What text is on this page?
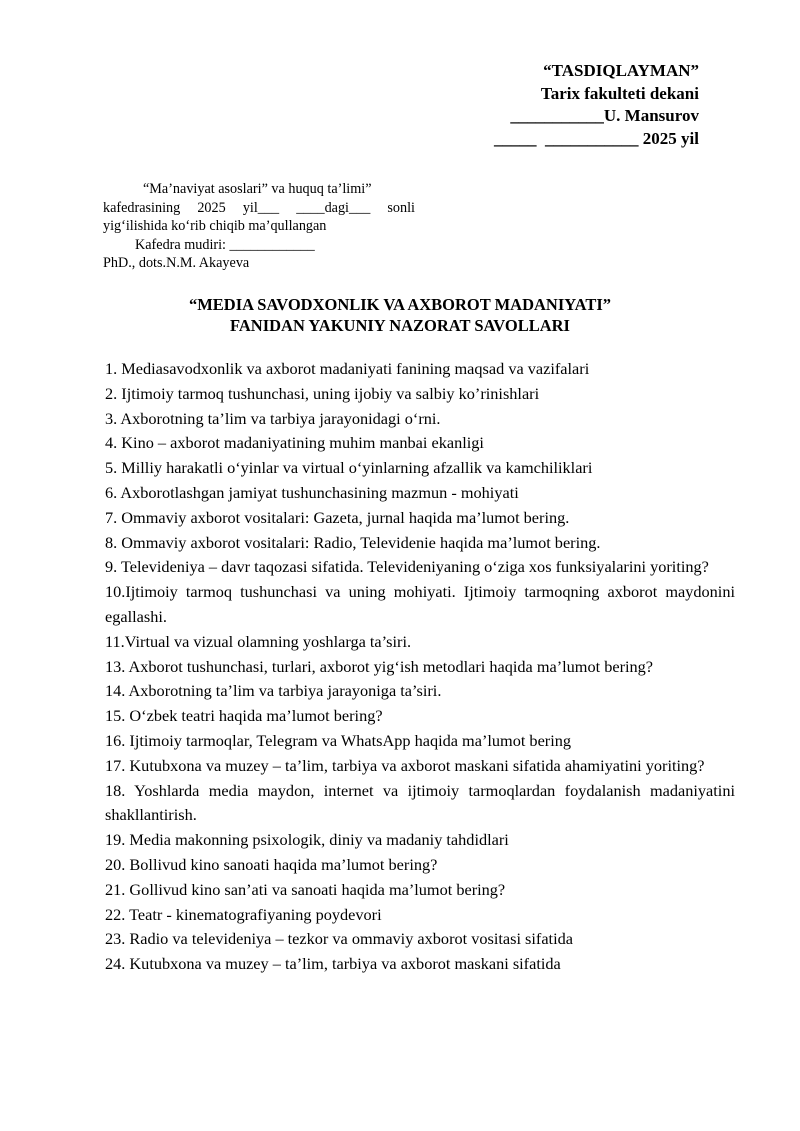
“TASDIQLAYMAN”
Tarix fakulteti dekani
___________U. Mansurov
_____  ___________ 2025 yil
“Ma’naviyat asoslari” va huquq ta’limi”
kafedrasining 2025 yil___ ____dagi___ sonli
yig‘ilishida ko‘rib chiqib ma’qullangan
Kafedra mudiri: ____________
PhD., dots.N.M. Akayeva
“MEDIA SAVODXONLIK VA AXBOROT MADANIYATI”
FANIDAN YAKUNIY NAZORAT SAVOLLARI

1. Mediasavodxonlik va axborot madaniyati fanining maqsad va vazifalari

2. Ijtimoiy tarmoq tushunchasi, uning ijobiy va salbiy ko’rinishlari

3. Axborotning ta’lim va tarbiya jarayonidagi o‘rni.

4. Kino – axborot madaniyatining muhim manbai ekanligi

5. Milliy harakatli o‘yinlar va virtual o‘yinlarning afzallik va kamchiliklari

6. Axborotlashgan jamiyat tushunchasining mazmun - mohiyati

7. Ommaviy axborot vositalari: Gazeta, jurnal haqida ma’lumot bering.

8. Ommaviy axborot vositalari: Radio, Televidenie haqida ma’lumot bering.

9. Televideniya – davr taqozasi sifatida. Televideniyaning o‘ziga xos funksiyalarini yoriting?

10.Ijtimoiy tarmoq tushunchasi va uning mohiyati. Ijtimoiy tarmoqning axborot maydonini egallashi.

11.Virtual va vizual olamning yoshlarga ta’siri.

13. Axborot tushunchasi, turlari, axborot yig‘ish metodlari haqida ma’lumot bering?

14. Axborotning ta’lim va tarbiya jarayoniga ta’siri.

15. O‘zbek teatri haqida ma’lumot bering?

16. Ijtimoiy tarmoqlar, Telegram va WhatsApp haqida ma’lumot bering

17. Kutubxona va muzey – ta’lim, tarbiya va axborot maskani sifatida ahamiyatini yoriting?

18. Yoshlarda media maydon, internet va ijtimoiy tarmoqlardan foydalanish madaniyatini shakllantirish.

19. Media makonning psixologik, diniy va madaniy tahdidlari

20. Bollivud kino sanoati haqida ma’lumot bering?

21. Gollivud kino san’ati va sanoati haqida ma’lumot bering?

22. Teatr - kinematografiyaning poydevori

23. Radio va televideniya – tezkor va ommaviy axborot vositasi sifatida

24. Kutubxona va muzey – ta’lim, tarbiya va axborot maskani sifatida
